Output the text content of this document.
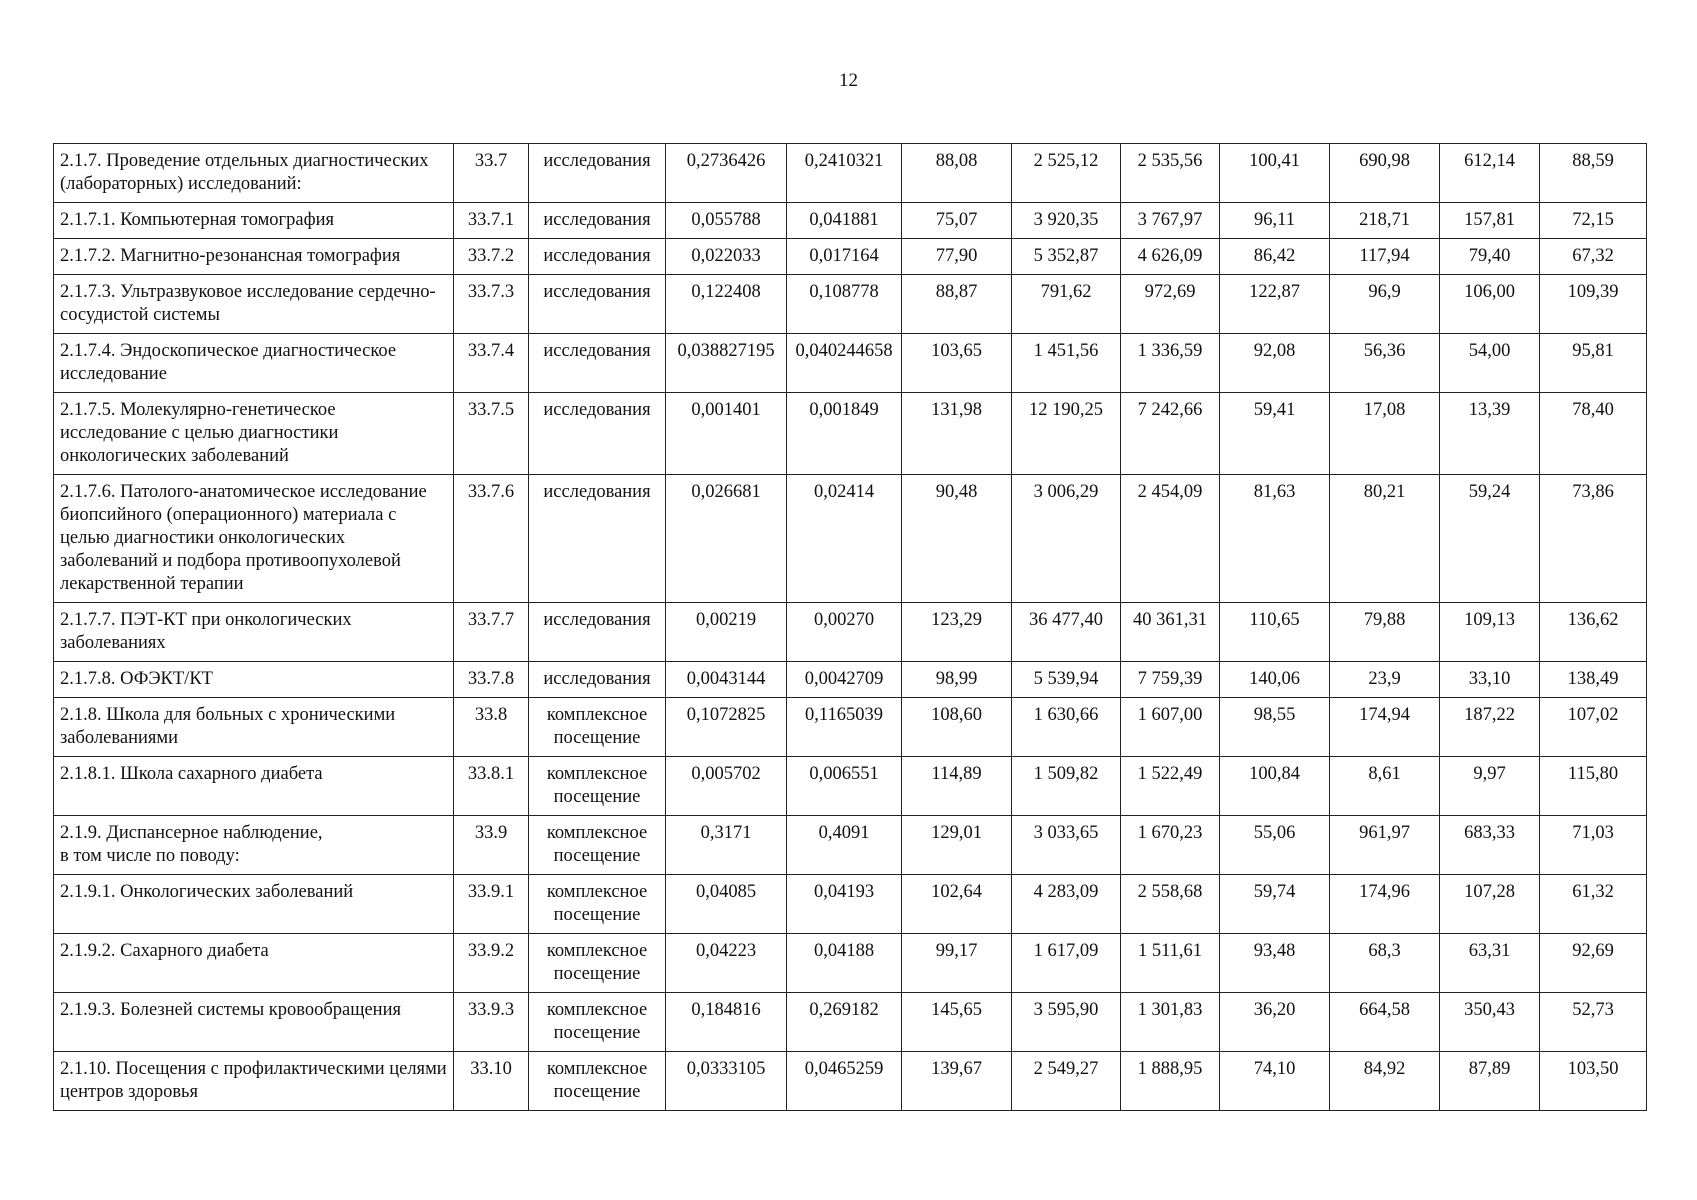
12
2.1.7. Проведение отдельных диагностических (лабораторных) исследований:	33.7	исследования	0,2736426	0,2410321	88,08	2 525,12	2 535,56	100,41	690,98	612,14	88,59
2.1.7.1. Компьютерная томография	33.7.1	исследования	0,055788	0,041881	75,07	3 920,35	3 767,97	96,11	218,71	157,81	72,15
2.1.7.2. Магнитно-резонансная томография	33.7.2	исследования	0,022033	0,017164	77,90	5 352,87	4 626,09	86,42	117,94	79,40	67,32
2.1.7.3. Ультразвуковое исследование сердечно-сосудистой системы	33.7.3	исследования	0,122408	0,108778	88,87	791,62	972,69	122,87	96,9	106,00	109,39
2.1.7.4. Эндоскопическое диагностическое исследование	33.7.4	исследования	0,038827195	0,040244658	103,65	1 451,56	1 336,59	92,08	56,36	54,00	95,81
2.1.7.5. Молекулярно-генетическое исследование с целью диагностики онкологических заболеваний	33.7.5	исследования	0,001401	0,001849	131,98	12 190,25	7 242,66	59,41	17,08	13,39	78,40
2.1.7.6. Патолого-анатомическое исследование биопсийного (операционного) материала с целью диагностики онкологических заболеваний и подбора противоопухолевой лекарственной терапии	33.7.6	исследования	0,026681	0,02414	90,48	3 006,29	2 454,09	81,63	80,21	59,24	73,86
2.1.7.7. ПЭТ-КТ при онкологических заболеваниях	33.7.7	исследования	0,00219	0,00270	123,29	36 477,40	40 361,31	110,65	79,88	109,13	136,62
2.1.7.8. ОФЭКТ/КТ	33.7.8	исследования	0,0043144	0,0042709	98,99	5 539,94	7 759,39	140,06	23,9	33,10	138,49
2.1.8. Школа для больных с хроническими заболеваниями	33.8	комплексное посещение	0,1072825	0,1165039	108,60	1 630,66	1 607,00	98,55	174,94	187,22	107,02
2.1.8.1. Школа сахарного диабета	33.8.1	комплексное посещение	0,005702	0,006551	114,89	1 509,82	1 522,49	100,84	8,61	9,97	115,80
2.1.9. Диспансерное наблюдение,
в том числе по поводу:	33.9	комплексное посещение	0,3171	0,4091	129,01	3 033,65	1 670,23	55,06	961,97	683,33	71,03
2.1.9.1. Онкологических заболеваний	33.9.1	комплексное посещение	0,04085	0,04193	102,64	4 283,09	2 558,68	59,74	174,96	107,28	61,32
2.1.9.2. Сахарного диабета	33.9.2	комплексное посещение	0,04223	0,04188	99,17	1 617,09	1 511,61	93,48	68,3	63,31	92,69
2.1.9.3. Болезней системы кровообращения	33.9.3	комплексное посещение	0,184816	0,269182	145,65	3 595,90	1 301,83	36,20	664,58	350,43	52,73
2.1.10. Посещения с профилактическими целями центров здоровья	33.10	комплексное посещение	0,0333105	0,0465259	139,67	2 549,27	1 888,95	74,10	84,92	87,89	103,50
